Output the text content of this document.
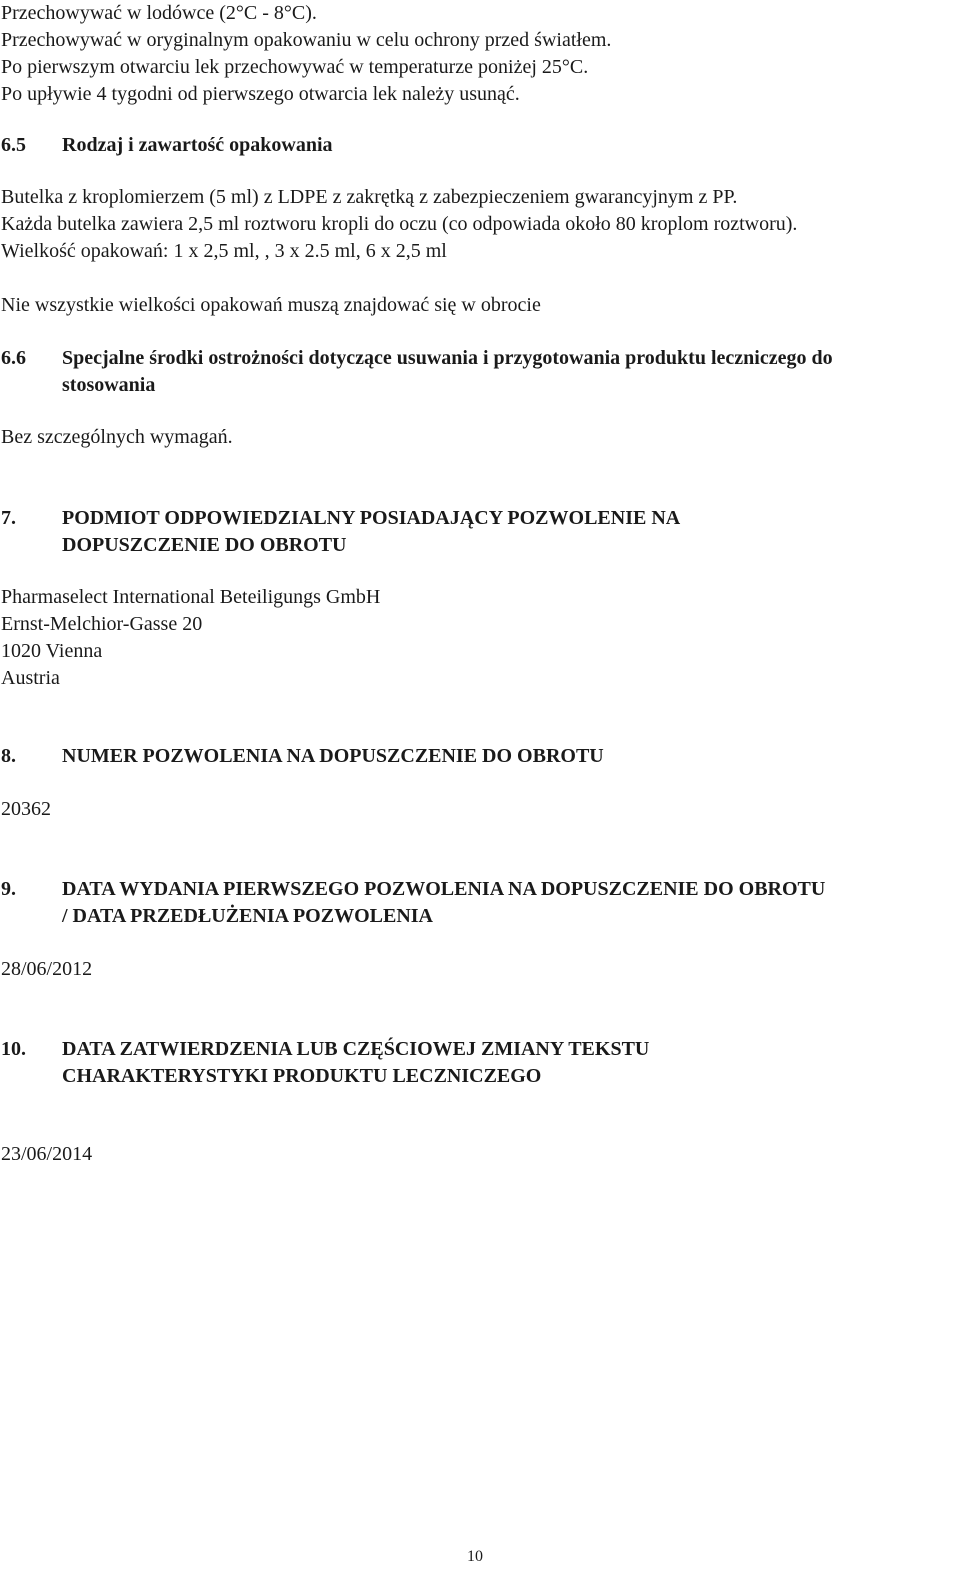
Przechowywać w lodówce (2°C - 8°C).
Przechowywać w oryginalnym opakowaniu w celu ochrony przed światłem.
Po pierwszym otwarciu lek przechowywać w temperaturze poniżej 25°C.
Po upływie 4 tygodni od pierwszego otwarcia lek należy usunąć.
6.5 Rodzaj i zawartość opakowania
Butelka z kroplomierzem (5 ml) z LDPE z zakrętką z zabezpieczeniem gwarancyjnym z PP.
Każda butelka zawiera 2,5 ml roztworu kropli do oczu (co odpowiada około 80 kroplom roztworu).
Wielkość opakowań: 1 x 2,5 ml, , 3 x 2.5 ml, 6 x 2,5 ml
Nie wszystkie wielkości opakowań muszą znajdować się w obrocie
6.6 Specjalne środki ostrożności dotyczące usuwania i przygotowania produktu leczniczego do
stosowania
Bez szczególnych wymagań.
7. PODMIOT ODPOWIEDZIALNY POSIADAJĄCY POZWOLENIE NA
DOPUSZCZENIE DO OBROTU
Pharmaselect International Beteiligungs GmbH
Ernst-Melchior-Gasse 20
1020 Vienna
Austria
8. NUMER POZWOLENIA NA DOPUSZCZENIE DO OBROTU
20362
9. DATA WYDANIA PIERWSZEGO POZWOLENIA NA DOPUSZCZENIE DO OBROTU
/ DATA PRZEDŁUŻENIA POZWOLENIA
28/06/2012
10. DATA ZATWIERDZENIA LUB CZĘŚCIOWEJ ZMIANY TEKSTU
CHARAKTERYSTYKI PRODUKTU LECZNICZEGO
23/06/2014
10
